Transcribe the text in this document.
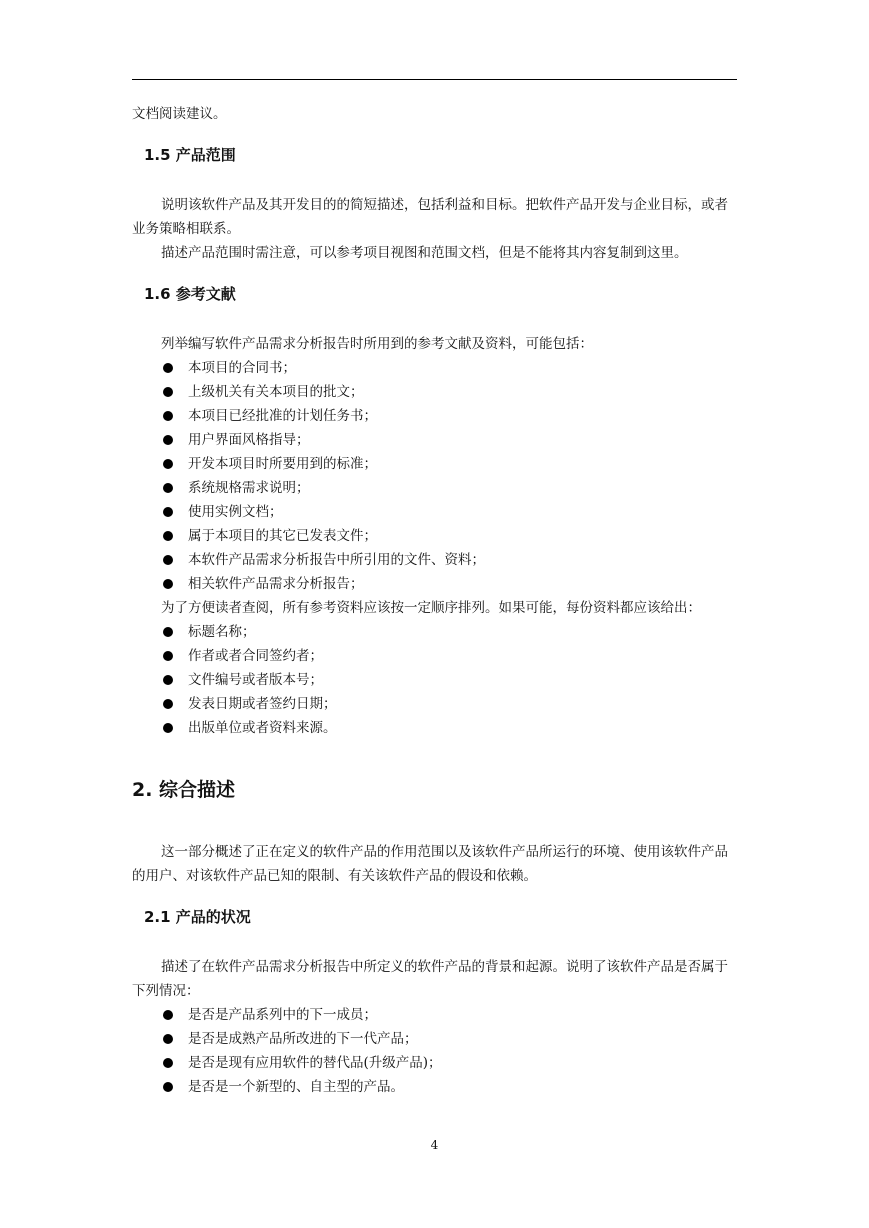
文档阅读建议。

1.5 产品范围

说明该软件产品及其开发目的的简短描述，包括利益和目标。把软件产品开发与企业目标，或者业务策略相联系。

描述产品范围时需注意，可以参考项目视图和范围文档，但是不能将其内容复制到这里。

1.6 参考文献

列举编写软件产品需求分析报告时所用到的参考文献及资料，可能包括：

本项目的合同书；
上级机关有关本项目的批文；
本项目已经批准的计划任务书；
用户界面风格指导；
开发本项目时所要用到的标准；
系统规格需求说明；
使用实例文档；
属于本项目的其它已发表文件；
本软件产品需求分析报告中所引用的文件、资料；
相关软件产品需求分析报告；

为了方便读者查阅，所有参考资料应该按一定顺序排列。如果可能，每份资料都应该给出：

标题名称；
作者或者合同签约者；
文件编号或者版本号；
发表日期或者签约日期；
出版单位或者资料来源。
2. 综合描述

这一部分概述了正在定义的软件产品的作用范围以及该软件产品所运行的环境、使用该软件产品的用户、对该软件产品已知的限制、有关该软件产品的假设和依赖。

2.1 产品的状况

描述了在软件产品需求分析报告中所定义的软件产品的背景和起源。说明了该软件产品是否属于下列情况：

是否是产品系列中的下一成员；
是否是成熟产品所改进的下一代产品；
是否是现有应用软件的替代品(升级产品)；
是否是一个新型的、自主型的产品。
4
